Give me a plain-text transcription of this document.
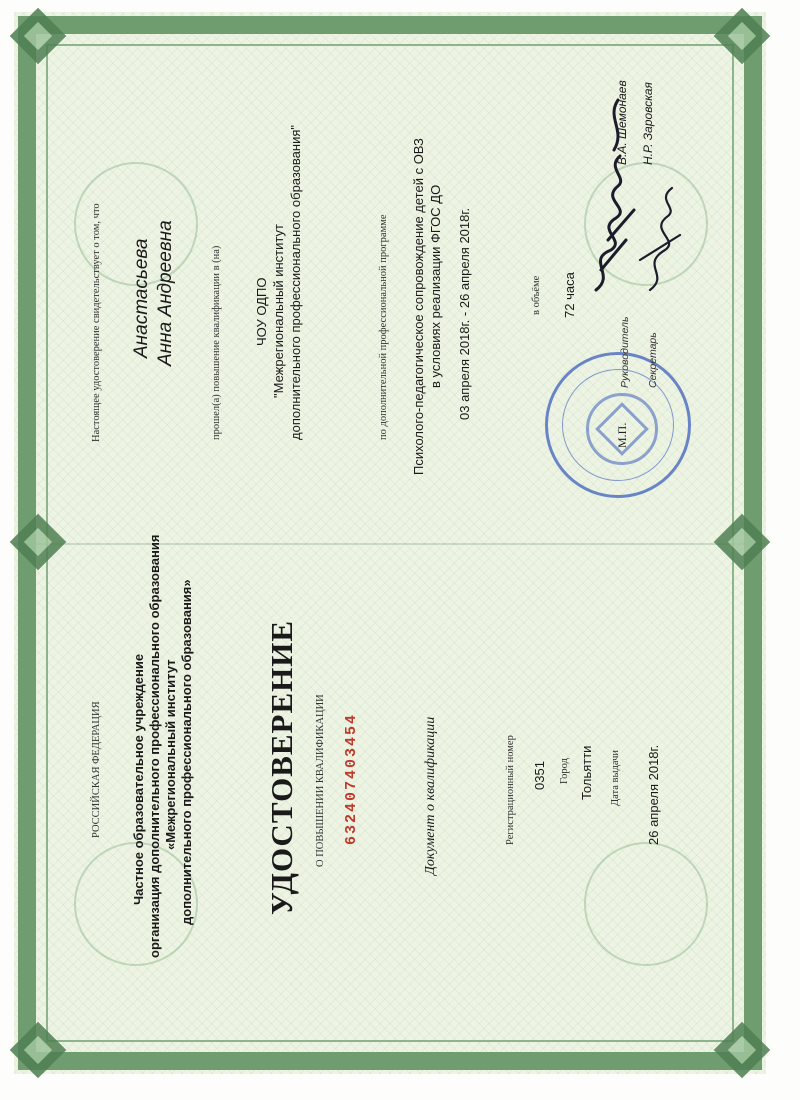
РОССИЙСКАЯ ФЕДЕРАЦИЯ Частное образовательное учреждение организация дополнительного профессионального образования «Межрегиональный институт дополнительного профессионального образования» УДОСТОВЕРЕНИЕ О ПОВЫШЕНИИ КВАЛИФИКАЦИИ 632407403454	Документ о квалификации	Регистрационный номер 0351 Город Тольятти Дата выдачи 26 апреля 2018г.
Настоящее удостоверение свидетельствует о том, что Анастасьева Анна Андреевна	прошел(а) повышение квалификации в (на) ЧОУ ОДПО "Межрегиональный институт дополнительного профессионального образования"	по дополнительной профессиональной программе Психолого-педагогическое сопровождение детей с ОВЗ в условиях реализации ФГОС ДО 03 апреля 2018г. - 26 апреля 2018г.	в объёме 72 часа
М.П.
Руководитель Секретарь
В.А. Шемонаев Н.Р. Заровская
